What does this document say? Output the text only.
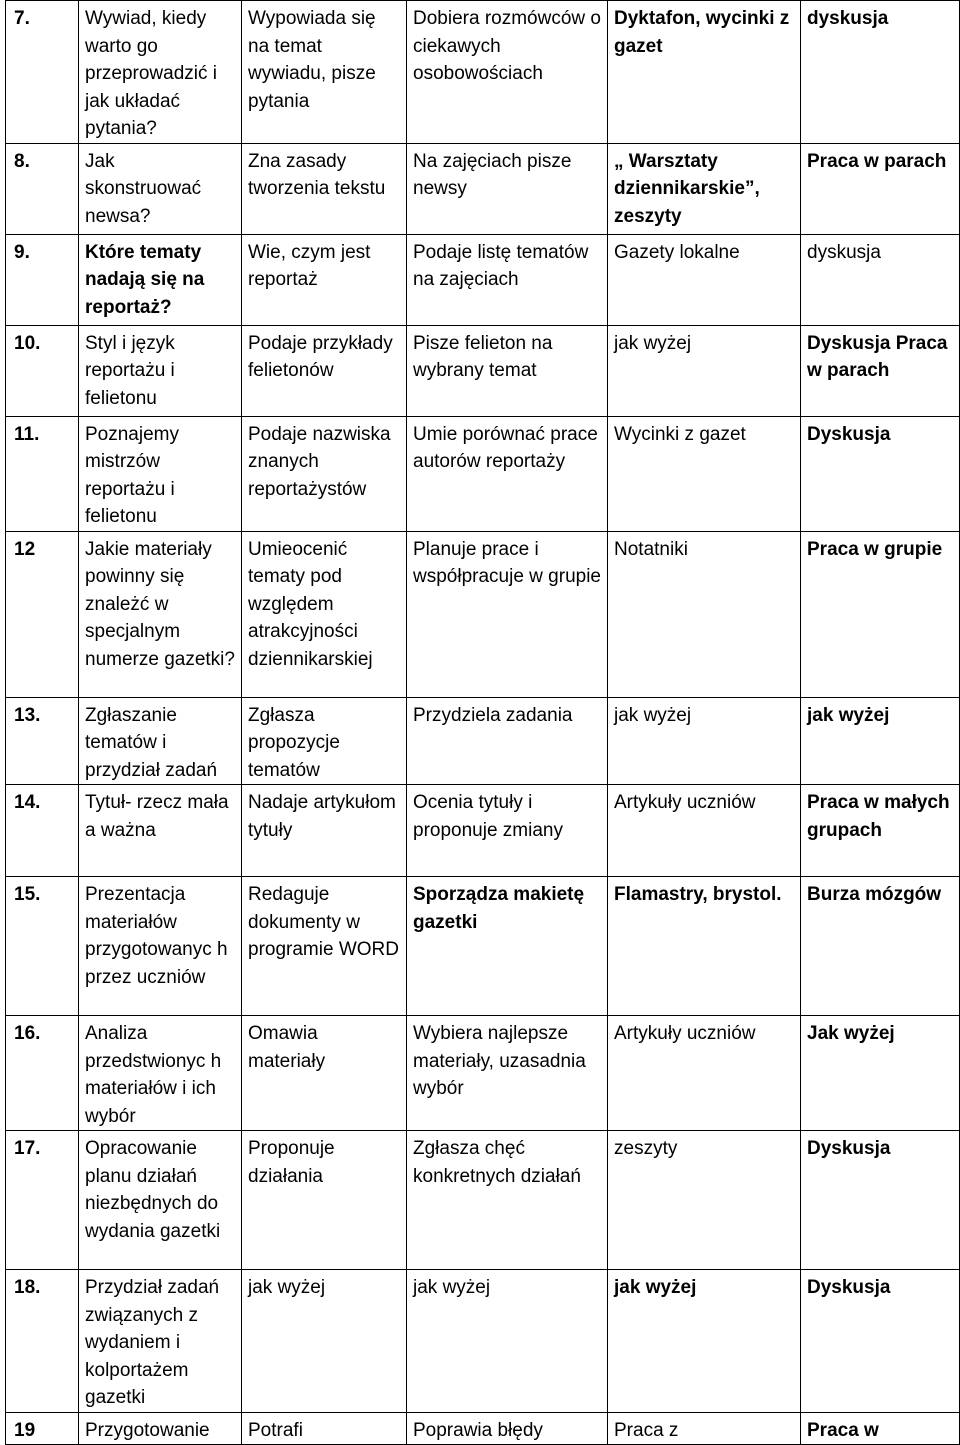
7.	Wywiad, kiedy warto go przeprowadzić i jak układać pytania?	Wypowiada się na temat wywiadu, pisze pytania	Dobiera rozmówców o ciekawych osobowościach	Dyktafon, wycinki z gazet	dyskusja
8.	Jak skonstruować newsa?	Zna zasady tworzenia tekstu	Na zajęciach pisze newsy	„ Warsztaty dziennikarskie”, zeszyty	Praca w parach
9.	Które tematy nadają się na reportaż?	Wie, czym jest reportaż	Podaje listę tematów na zajęciach	Gazety lokalne	dyskusja
10.	Styl i język reportażu i felietonu	Podaje przykłady felietonów	Pisze felieton na wybrany temat	jak wyżej	Dyskusja Praca w parach
11.	Poznajemy mistrzów reportażu i felietonu	Podaje nazwiska znanych reportażystów	Umie porównać prace autorów reportaży	Wycinki z gazet	Dyskusja
12	Jakie materiały powinny się znależć w specjalnym numerze gazetki?	Umieocenić tematy pod względem atrakcyjności dziennikarskiej	Planuje prace i współpracuje w grupie	Notatniki	Praca w grupie
13.	Zgłaszanie tematów i przydział zadań	Zgłasza propozycje tematów	Przydziela zadania	jak wyżej	jak wyżej
14.	Tytuł- rzecz mała a ważna	Nadaje artykułom tytuły	Ocenia tytuły i proponuje zmiany	Artykuły uczniów	Praca w małych grupach
15.	Prezentacja materiałów przygotowanyc h przez uczniów	Redaguje dokumenty w programie WORD	Sporządza makietę gazetki	Flamastry, brystol.	Burza mózgów
16.	Analiza przedstwionyc h materiałów i ich wybór	Omawia materiały	Wybiera najlepsze materiały, uzasadnia wybór	Artykuły uczniów	Jak wyżej
17.	Opracowanie planu działań niezbędnych do wydania gazetki	Proponuje działania	Zgłasza chęć konkretnych działań	zeszyty	Dyskusja
18.	Przydział zadań związanych z wydaniem i kolportażem gazetki	jak wyżej	jak wyżej	jak wyżej	Dyskusja
19	Przygotowanie	Potrafi	Poprawia błędy	Praca z	Praca w
